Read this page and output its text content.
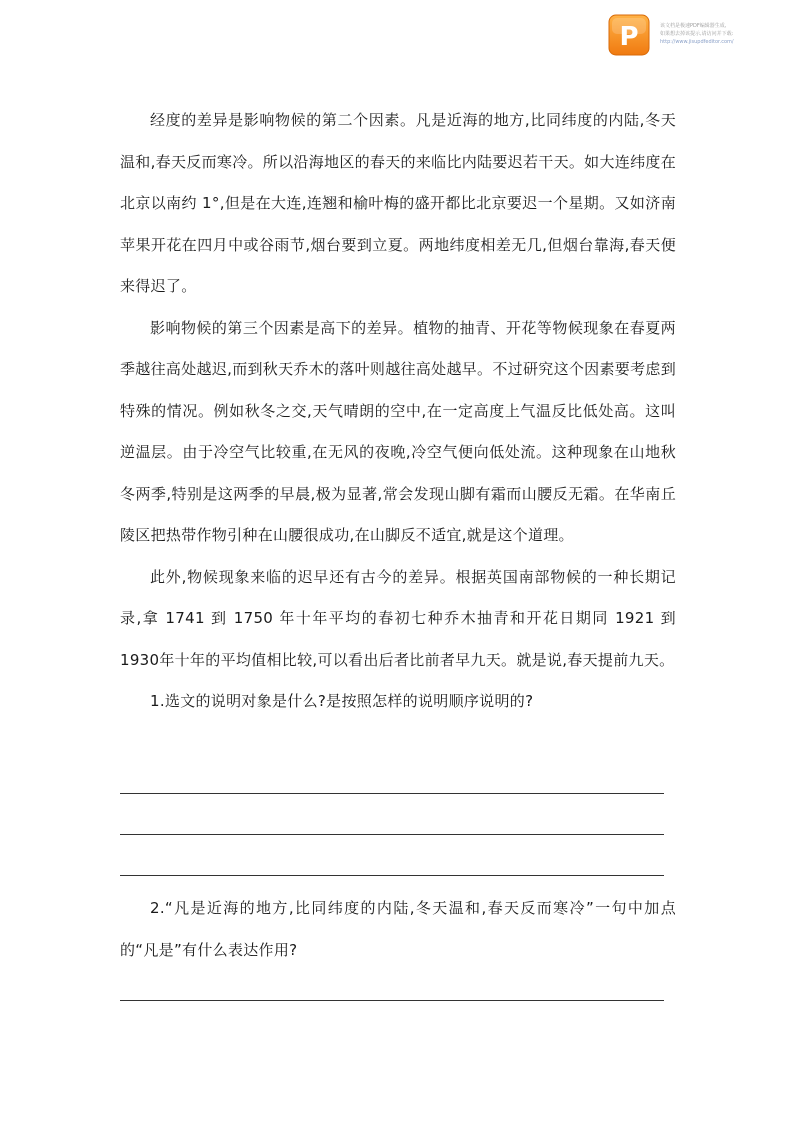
P	该文档是极速PDF编辑器生成,
如果想去掉该提示,请访问并下载:
http://www.jisupdfeditor.com/

经度的差异是影响物候的第二个因素。凡是近海的地方,比同纬度的内陆,冬天温和,春天反而寒冷。所以沿海地区的春天的来临比内陆要迟若干天。如大连纬度在北京以南约 1°,但是在大连,连翘和榆叶梅的盛开都比北京要迟一个星期。又如济南苹果开花在四月中或谷雨节,烟台要到立夏。两地纬度相差无几,但烟台靠海,春天便来得迟了。

影响物候的第三个因素是高下的差异。植物的抽青、开花等物候现象在春夏两季越往高处越迟,而到秋天乔木的落叶则越往高处越早。不过研究这个因素要考虑到特殊的情况。例如秋冬之交,天气晴朗的空中,在一定高度上气温反比低处高。这叫逆温层。由于冷空气比较重,在无风的夜晚,冷空气便向低处流。这种现象在山地秋冬两季,特别是这两季的早晨,极为显著,常会发现山脚有霜而山腰反无霜。在华南丘陵区把热带作物引种在山腰很成功,在山脚反不适宜,就是这个道理。

此外,物候现象来临的迟早还有古今的差异。根据英国南部物候的一种长期记录,拿 1741 到 1750 年十年平均的春初七种乔木抽青和开花日期同 1921 到 1930年十年的平均值相比较,可以看出后者比前者早九天。就是说,春天提前九天。

1.选文的说明对象是什么?是按照怎样的说明顺序说明的?

2.“凡是近海的地方,比同纬度的内陆,冬天温和,春天反而寒冷”一句中加点的“凡是”有什么表达作用?
